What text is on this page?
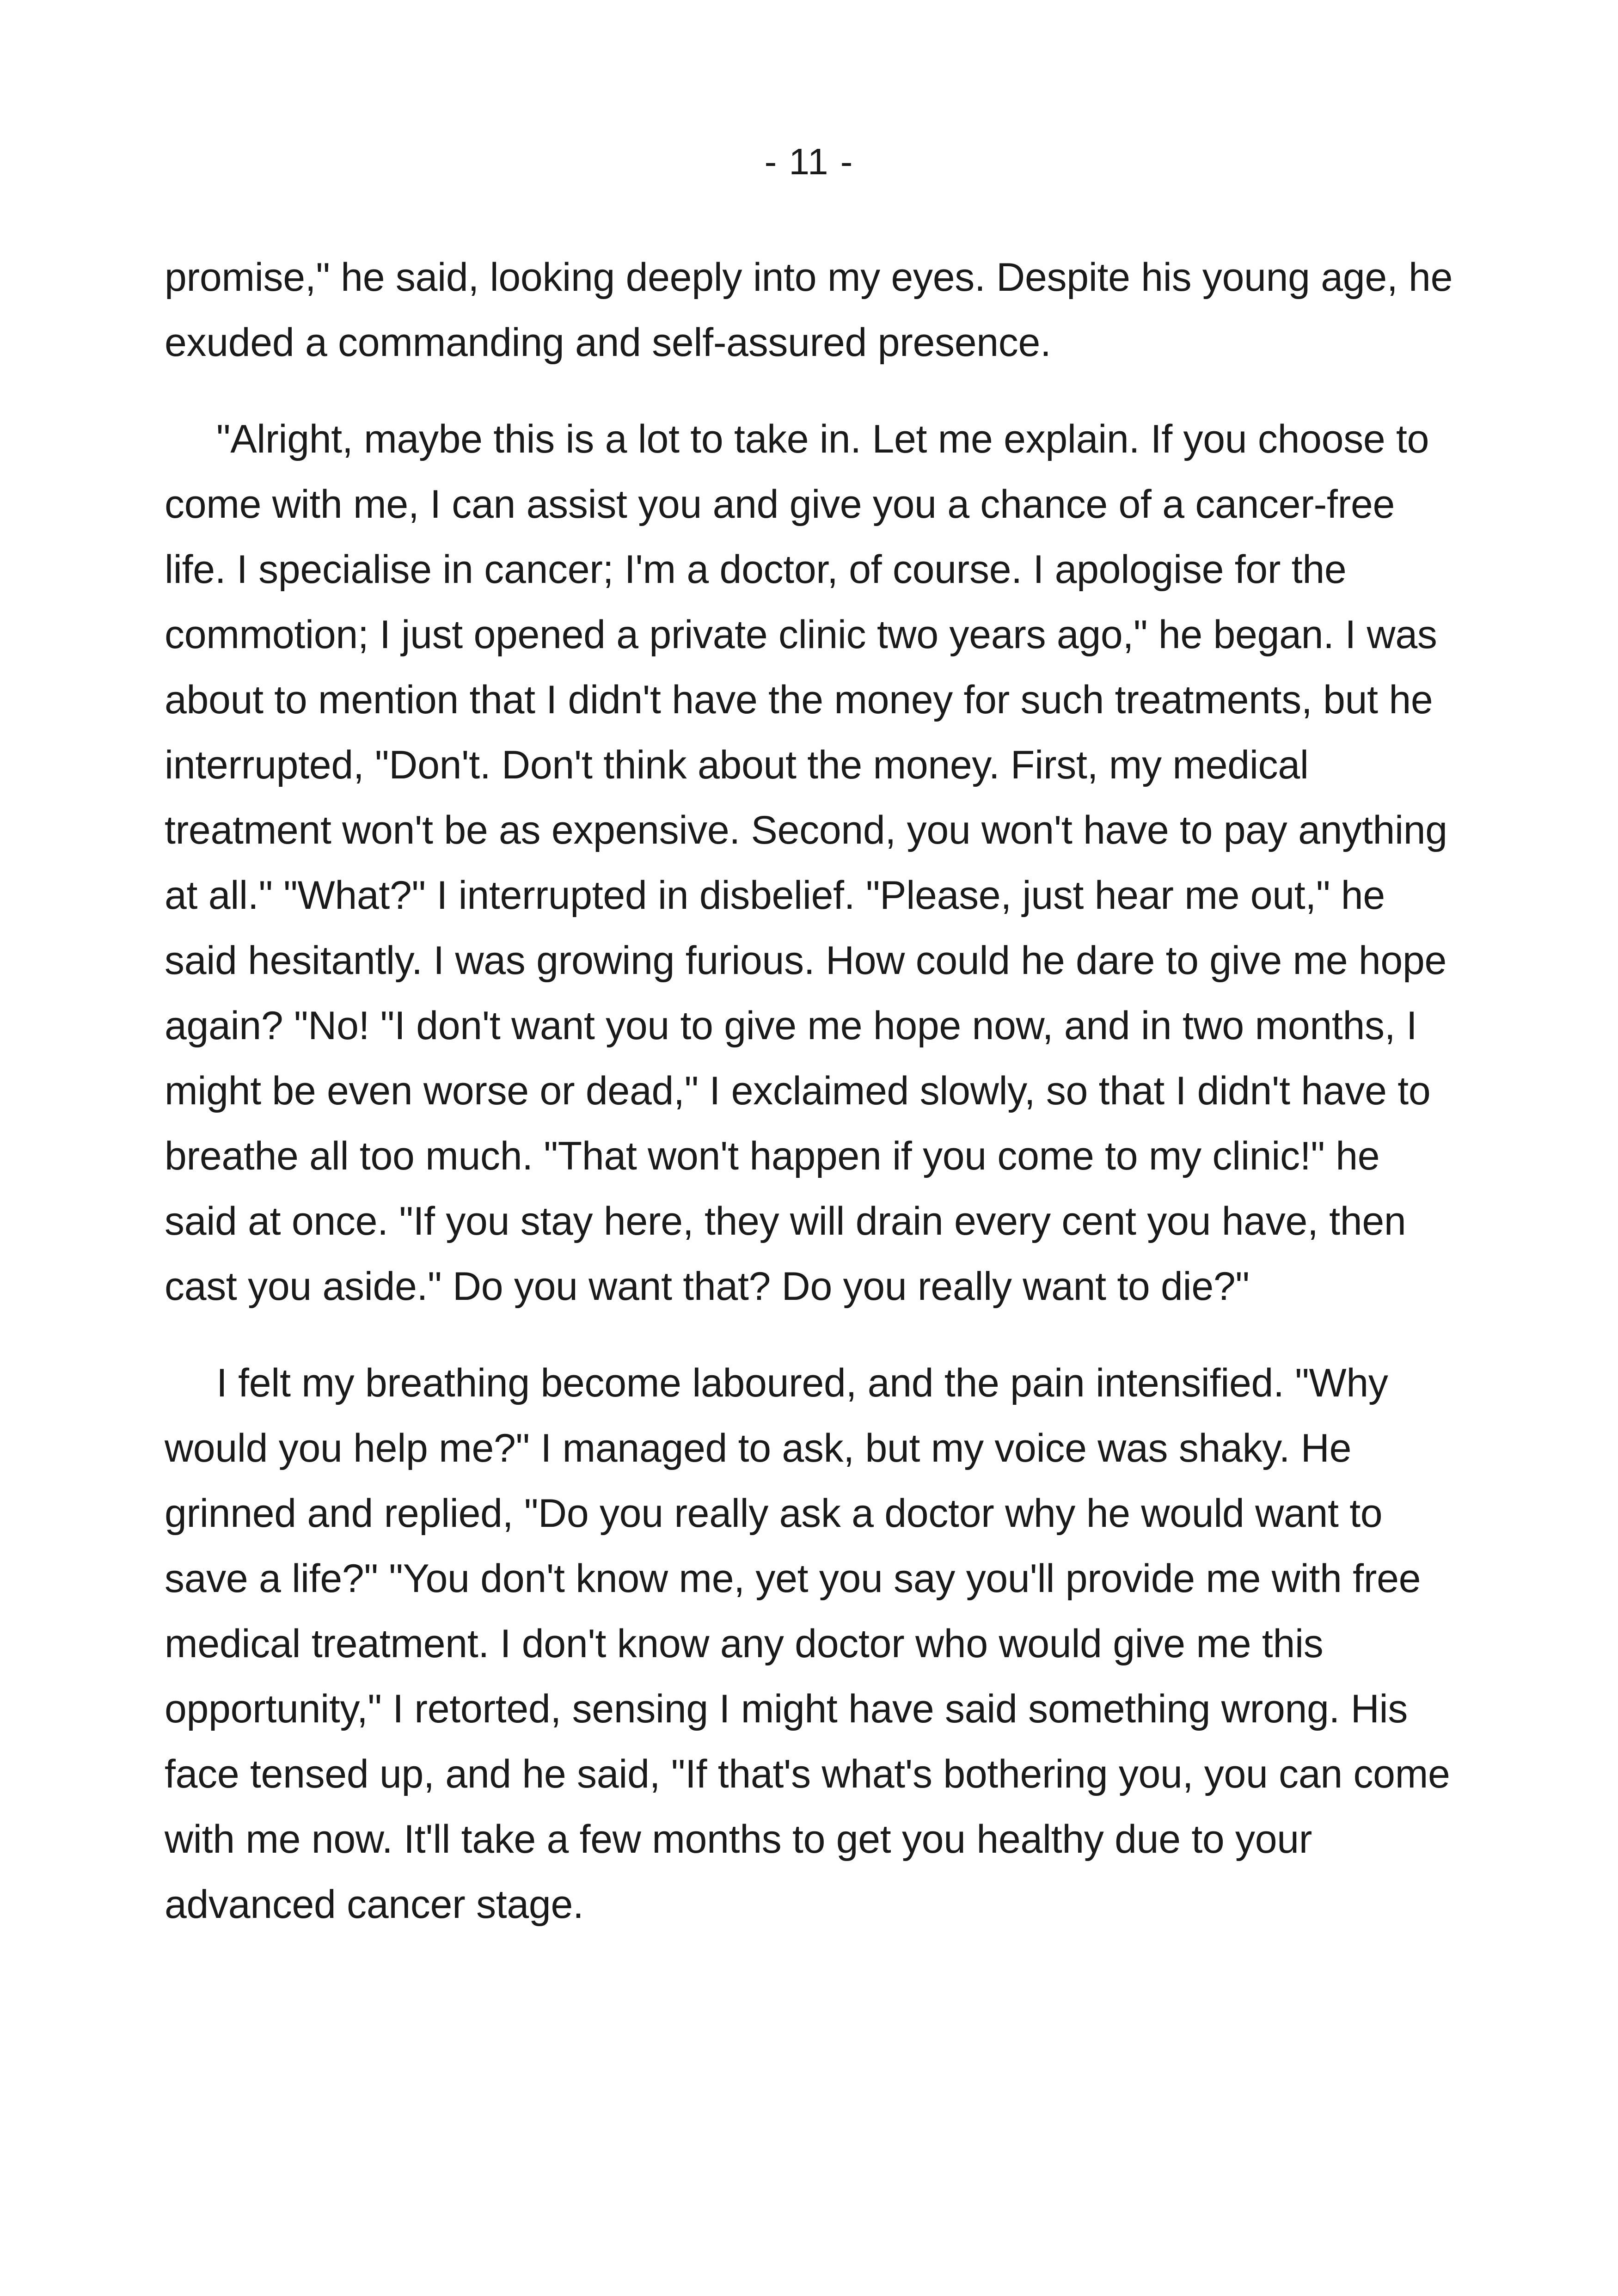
- 11 -

promise," he said, looking deeply into my eyes. Despite his young age, he exuded a commanding and self-assured presence.

"Alright, maybe this is a lot to take in. Let me explain. If you choose to come with me, I can assist you and give you a chance of a cancer-free life. I specialise in cancer; I'm a doctor, of course. I apologise for the commotion; I just opened a private clinic two years ago," he began. I was about to mention that I didn't have the money for such treatments, but he interrupted, "Don't. Don't think about the money. First, my medical treatment won't be as expensive. Second, you won't have to pay anything at all." "What?" I interrupted in disbelief. "Please, just hear me out," he said hesitantly. I was growing furious. How could he dare to give me hope again? "No! "I don't want you to give me hope now, and in two months, I might be even worse or dead," I exclaimed slowly, so that I didn't have to breathe all too much. "That won't happen if you come to my clinic!" he said at once. "If you stay here, they will drain every cent you have, then cast you aside." Do you want that? Do you really want to die?"

I felt my breathing become laboured, and the pain intensified. "Why would you help me?" I managed to ask, but my voice was shaky. He grinned and replied, "Do you really ask a doctor why he would want to save a life?" "You don't know me, yet you say you'll provide me with free medical treatment. I don't know any doctor who would give me this opportunity," I retorted, sensing I might have said something wrong. His face tensed up, and he said, "If that's what's bothering you, you can come with me now. It'll take a few months to get you healthy due to your advanced cancer stage.
